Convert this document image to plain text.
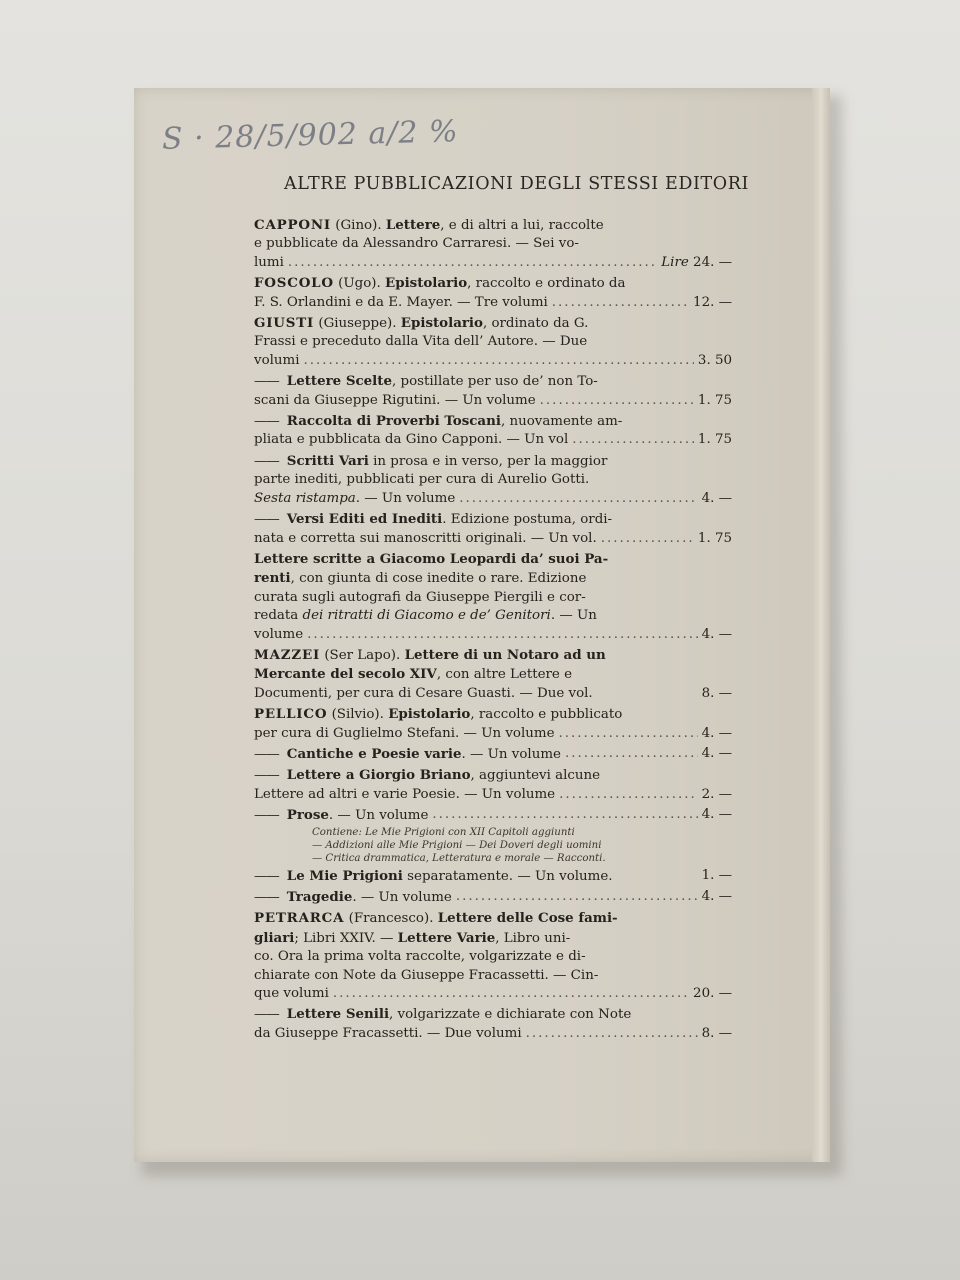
S · 28/5/902 a/2 %
ALTRE PUBBLICAZIONI DEGLI STESSI EDITORI
CAPPONI (Gino). Lettere, e di altri a lui, raccolte
e pubblicate da Alessandro Carraresi. — Sei vo-
lumi .....	Lire 24. —
FOSCOLO (Ugo). Epistolario, raccolto e ordinato da
F. S. Orlandini e da E. Mayer. — Tre volumi .....	12. —
GIUSTI (Giuseppe). Epistolario, ordinato da G.
Frassi e preceduto dalla Vita dell’ Autore. — Due
volumi .....	3. 50
—— Lettere Scelte, postillate per uso de’ non To-
scani da Giuseppe Rigutini. — Un volume .....	1. 75
—— Raccolta di Proverbi Toscani, nuovamente am-
pliata e pubblicata da Gino Capponi. — Un vol .....	1. 75
—— Scritti Vari in prosa e in verso, per la maggior
parte inediti, pubblicati per cura di Aurelio Gotti.
Sesta ristampa. — Un volume .....	4. —
—— Versi Editi ed Inediti. Edizione postuma, ordi-
nata e corretta sui manoscritti originali. — Un vol. .....	1. 75
Lettere scritte a Giacomo Leopardi da’ suoi Pa-
renti, con giunta di cose inedite o rare. Edizione
curata sugli autografi da Giuseppe Piergili e cor-
redata dei ritratti di Giacomo e de’ Genitori. — Un
volume .....	4. —
MAZZEI (Ser Lapo). Lettere di un Notaro ad un
Mercante del secolo XIV, con altre Lettere e
Documenti, per cura di Cesare Guasti. — Due vol.	8. —
PELLICO (Silvio). Epistolario, raccolto e pubblicato
per cura di Guglielmo Stefani. — Un volume .....	4. —
—— Cantiche e Poesie varie. — Un volume .....	4. —
—— Lettere a Giorgio Briano, aggiuntevi alcune
Lettere ad altri e varie Poesie. — Un volume .....	2. —
—— Prose. — Un volume .....	4. —
Contiene: Le Mie Prigioni con XII Capitoli aggiunti
— Addizioni alle Mie Prigioni — Dei Doveri degli uomini
— Critica drammatica, Letteratura e morale — Racconti.
—— Le Mie Prigioni separatamente. — Un volume.	1. —
—— Tragedie. — Un volume .....	4. —
PETRARCA (Francesco). Lettere delle Cose fami-
gliari; Libri XXIV. — Lettere Varie, Libro uni-
co. Ora la prima volta raccolte, volgarizzate e di-
chiarate con Note da Giuseppe Fracassetti. — Cin-
que volumi .....	20. —
—— Lettere Senili, volgarizzate e dichiarate con Note
da Giuseppe Fracassetti. — Due volumi .....	8. —
